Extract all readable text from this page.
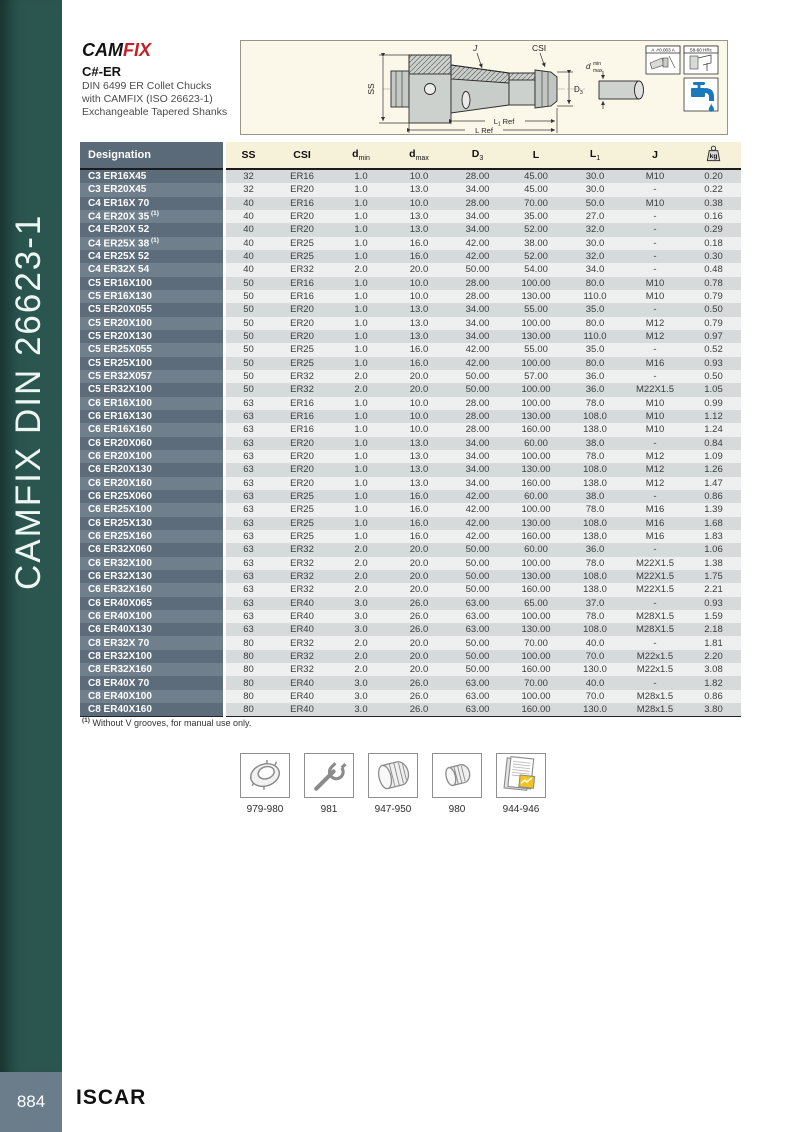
CAMFIX DIN 26623-1
884 ISCAR
CAMFIX
C#-ER
DIN 6499 ER Collet Chucks
with CAMFIX (ISO 26623-1)
Exchangeable Tapered Shanks
SS
J	CSI
$D_3$
$L_1$ Ref
L Ref
d min
max
A ↗0.003 A	58-60 HRc
Designation	SS	CSI	$d_{min}$	$d_{max}$	$D_3$	L	$L_1$	J	kg

C3 ER16X45	32	ER16	1.0	10.0	28.00	45.00	30.0	M10	0.20
C3 ER20X45	32	ER20	1.0	13.0	34.00	45.00	30.0	-	0.22
C4 ER16X 70	40	ER16	1.0	10.0	28.00	70.00	50.0	M10	0.38
C4 ER20X 35 $^{(1)}$	40	ER20	1.0	13.0	34.00	35.00	27.0	-	0.16
C4 ER20X 52	40	ER20	1.0	13.0	34.00	52.00	32.0	-	0.29
C4 ER25X 38 $^{(1)}$	40	ER25	1.0	16.0	42.00	38.00	30.0	-	0.18
C4 ER25X 52	40	ER25	1.0	16.0	42.00	52.00	32.0	-	0.30
C4 ER32X 54	40	ER32	2.0	20.0	50.00	54.00	34.0	-	0.48
C5 ER16X100	50	ER16	1.0	10.0	28.00	100.00	80.0	M10	0.78
C5 ER16X130	50	ER16	1.0	10.0	28.00	130.00	110.0	M10	0.79
C5 ER20X055	50	ER20	1.0	13.0	34.00	55.00	35.0	-	0.50
C5 ER20X100	50	ER20	1.0	13.0	34.00	100.00	80.0	M12	0.79
C5 ER20X130	50	ER20	1.0	13.0	34.00	130.00	110.0	M12	0.97
C5 ER25X055	50	ER25	1.0	16.0	42.00	55.00	35.0	-	0.52
C5 ER25X100	50	ER25	1.0	16.0	42.00	100.00	80.0	M16	0.93
C5 ER32X057	50	ER32	2.0	20.0	50.00	57.00	36.0	-	0.50
C5 ER32X100	50	ER32	2.0	20.0	50.00	100.00	36.0	M22X1.5	1.05
C6 ER16X100	63	ER16	1.0	10.0	28.00	100.00	78.0	M10	0.99
C6 ER16X130	63	ER16	1.0	10.0	28.00	130.00	108.0	M10	1.12
C6 ER16X160	63	ER16	1.0	10.0	28.00	160.00	138.0	M10	1.24
C6 ER20X060	63	ER20	1.0	13.0	34.00	60.00	38.0	-	0.84
C6 ER20X100	63	ER20	1.0	13.0	34.00	100.00	78.0	M12	1.09
C6 ER20X130	63	ER20	1.0	13.0	34.00	130.00	108.0	M12	1.26
C6 ER20X160	63	ER20	1.0	13.0	34.00	160.00	138.0	M12	1.47
C6 ER25X060	63	ER25	1.0	16.0	42.00	60.00	38.0	-	0.86
C6 ER25X100	63	ER25	1.0	16.0	42.00	100.00	78.0	M16	1.39
C6 ER25X130	63	ER25	1.0	16.0	42.00	130.00	108.0	M16	1.68
C6 ER25X160	63	ER25	1.0	16.0	42.00	160.00	138.0	M16	1.83
C6 ER32X060	63	ER32	2.0	20.0	50.00	60.00	36.0	-	1.06
C6 ER32X100	63	ER32	2.0	20.0	50.00	100.00	78.0	M22X1.5	1.38
C6 ER32X130	63	ER32	2.0	20.0	50.00	130.00	108.0	M22X1.5	1.75
C6 ER32X160	63	ER32	2.0	20.0	50.00	160.00	138.0	M22X1.5	2.21
C6 ER40X065	63	ER40	3.0	26.0	63.00	65.00	37.0	-	0.93
C6 ER40X100	63	ER40	3.0	26.0	63.00	100.00	78.0	M28X1.5	1.59
C6 ER40X130	63	ER40	3.0	26.0	63.00	130.00	108.0	M28X1.5	2.18
C8 ER32X 70	80	ER32	2.0	20.0	50.00	70.00	40.0	-	1.81
C8 ER32X100	80	ER32	2.0	20.0	50.00	100.00	70.0	M22x1.5	2.20
C8 ER32X160	80	ER32	2.0	20.0	50.00	160.00	130.0	M22x1.5	3.08
C8 ER40X 70	80	ER40	3.0	26.0	63.00	70.00	40.0	-	1.82
C8 ER40X100	80	ER40	3.0	26.0	63.00	100.00	70.0	M28x1.5	0.86
C8 ER40X160	80	ER40	3.0	26.0	63.00	160.00	130.0	M28x1.5	3.80
$^{(1)}$ Without V grooves, for manual use only.
979-980	981	947-950	980	944-946
